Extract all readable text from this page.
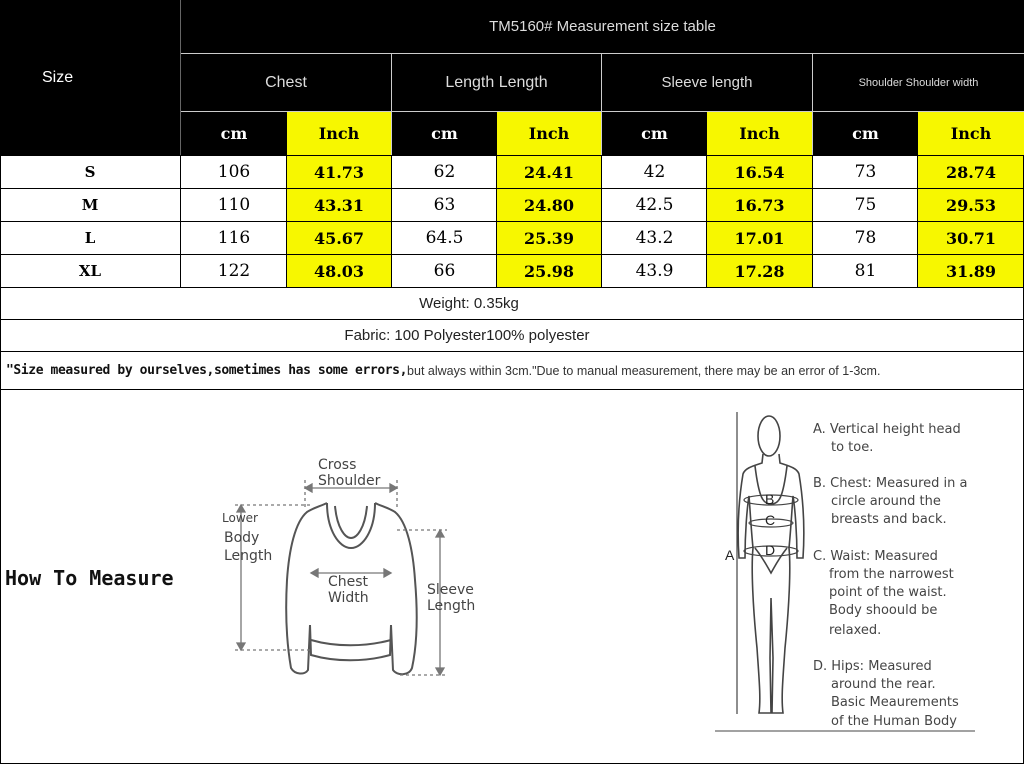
Size
TM5160# Measurement size table
Chest	Length Length	Sleeve length	Shoulder Shoulder width
cm	Inch	cm	Inch	cm	Inch	cm	Inch
S	106	41.73	62	24.41	42	16.54	73	28.74
M	110	43.31	63	24.80	42.5	16.73	75	29.53
L	116	45.67	64.5	25.39	43.2	17.01	78	30.71
XL	122	48.03	66	25.98	43.9	17.28	81	31.89
Weight: 0.35kg
Fabric: 100 Polyester100% polyester
"Size measured by ourselves,sometimes has some errors, but always within 3cm."Due to manual measurement, there may be an error of 1-3cm.
How To Measure
Cross
Shoulder
Lower
Body
Length
Chest
Width	Sleeve
Length
A
B
C
D
A. Vertical height head
to toe.
B. Chest: Measured in a
circle around the
breasts and back.
C. Waist: Measured
from the narrowest
point of the waist.
Body shoould be
relaxed.
D. Hips: Measured
around the rear.
Basic Meaurements
of the Human Body
